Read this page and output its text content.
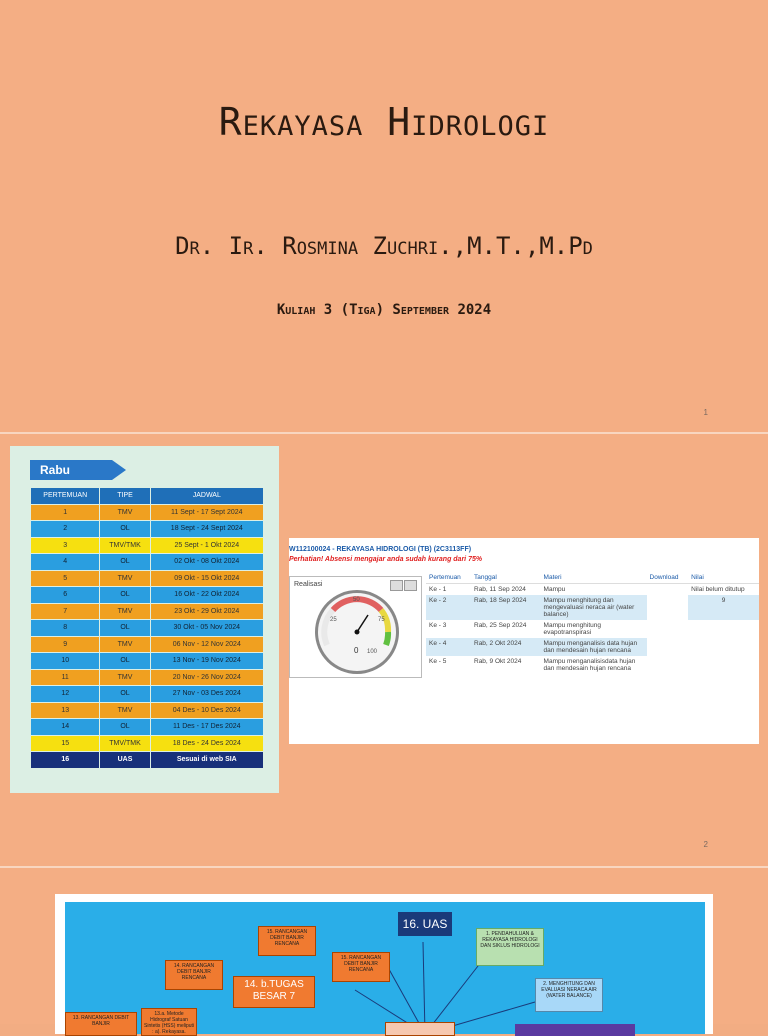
Rekayasa Hidrologi
Dr. Ir. Rosmina Zuchri.,M.T.,M.Pd
Kuliah 3 (Tiga) September 2024
1
Rabu
PERTEMUAN	TIPE	JADWAL
1	TMV	11 Sept - 17 Sept 2024
2	OL	18 Sept - 24 Sept 2024
3	TMV/TMK	25 Sept - 1 Okt 2024
4	OL	02 Okt - 08 Okt 2024
5	TMV	09 Okt - 15 Okt 2024
6	OL	16 Okt - 22 Okt 2024
7	TMV	23 Okt - 29 Okt 2024
8	OL	30 Okt - 05 Nov 2024
9	TMV	06 Nov - 12 Nov 2024
10	OL	13 Nov - 19 Nov 2024
11	TMV	20 Nov - 26 Nov 2024
12	OL	27 Nov - 03 Des 2024
13	TMV	04 Des - 10 Des 2024
14	OL	11 Des - 17 Des 2024
15	TMV/TMK	18 Des - 24 Des 2024
16	UAS	Sesuai di web SIA
W112100024 - REKAYASA HIDROLOGI (TB) (2C3113FF)
Perhatian! Absensi mengajar anda sudah kurang dari 75%
Realisasi
25
50
75
100
0
Pertemuan	Tanggal	Materi	Download	Nilai
Ke - 1	Rab, 11 Sep 2024	Mampu		Nilai belum ditutup
Ke - 2	Rab, 18 Sep 2024	Mampu menghitung dan mengevaluasi neraca air (water balance)		9
Ke - 3	Rab, 25 Sep 2024	Mampu menghitung evapotranspirasi		
Ke - 4	Rab, 2 Okt 2024	Mampu menganalisis data hujan dan mendesain hujan rencana		
Ke - 5	Rab, 9 Okt 2024	Mampu menganalisisdata hujan dan mendesain hujan rencana		
2
16. UAS
1. PENDAHULUAN & REKAYASA HIDROLOGI DAN SIKLUS HIDROLOGI
2. MENGHITUNG DAN EVALUASI NERACA AIR (WATER BALANCE)
15. RANCANGAN DEBIT BANJIR RENCANA
15. RANCANGAN DEBIT BANJIR RENCANA
14. RANCANGAN DEBIT BANJIR RENCANA
14. b.TUGAS BESAR 7
13. RANCANGAN DEBIT BANJIR
13.a. Metode Hidrograf Satuan Sintetis (HSS) meliputi : a). Rekayasa.
